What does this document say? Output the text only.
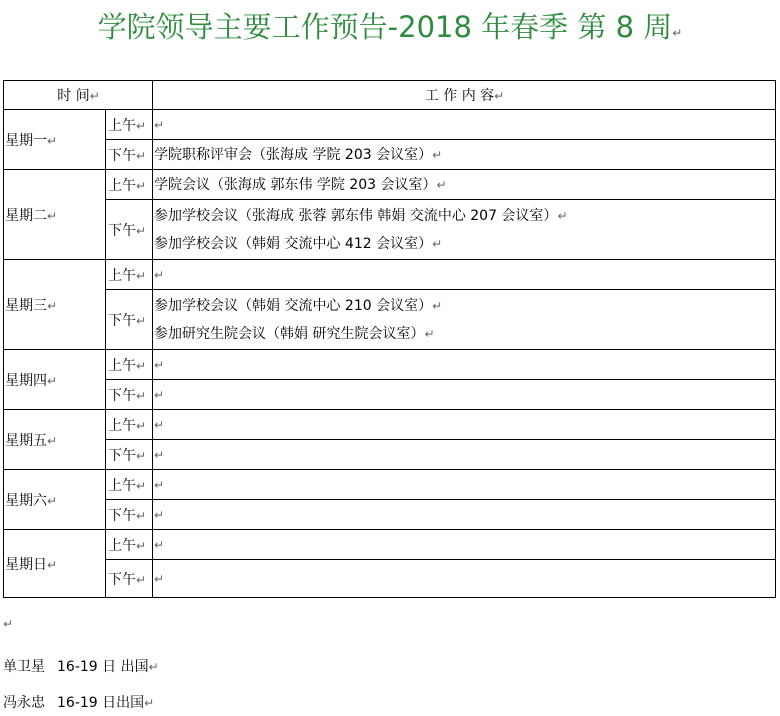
学院领导主要工作预告-2018 年春季 第 8 周↵
时 间↵		工 作 内 容↵
星期一↵	上午↵	↵
	下午↵	学院职称评审会（张海成 学院 203 会议室）↵

星期二↵	上午↵	学院会议（张海成 郭东伟 学院 203 会议室）↵

	下午↵	参加学校会议（张海成 张蓉 郭东伟 韩娟 交流中心 207 会议室）↵
参加学校会议（韩娟 交流中心 412 会议室）↵

星期三↵	上午↵	↵
	下午↵	参加学校会议（韩娟 交流中心 210 会议室）↵
参加研究生院会议（韩娟 研究生院会议室）↵

星期四↵	上午↵	↵
	下午↵	↵
星期五↵	上午↵	↵
	下午↵	↵
星期六↵	上午↵	↵
	下午↵	↵
星期日↵	上午↵	↵
	下午↵	↵
↵
单卫星 16-19 日 出国↵
冯永忠 16-19 日出国↵
